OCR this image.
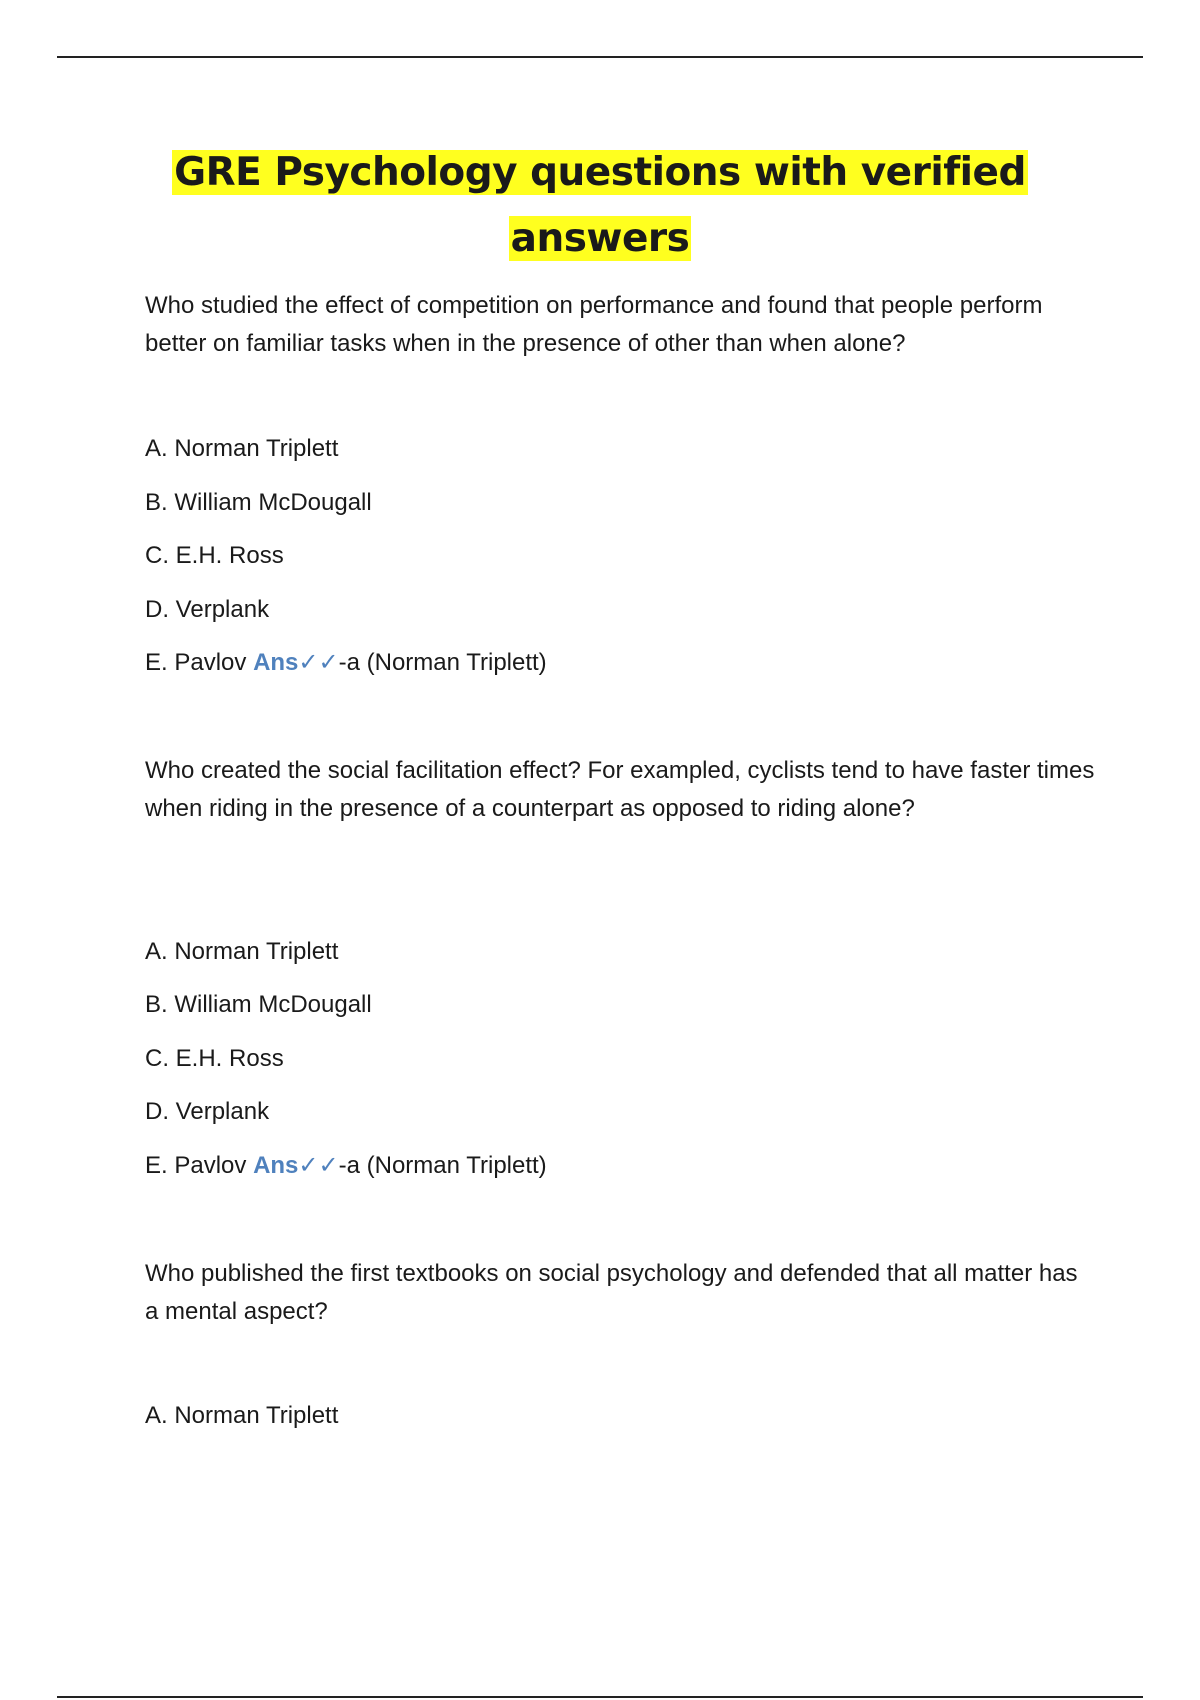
GRE Psychology questions with verified
answers

Who studied the effect of competition on performance and found that people perform better on familiar tasks when in the presence of other than when alone?

A. Norman Triplett

B. William McDougall

C. E.H. Ross

D. Verplank

E. Pavlov Ans✓✓-a (Norman Triplett)

Who created the social facilitation effect? For exampled, cyclists tend to have faster times when riding in the presence of a counterpart as opposed to riding alone?

A. Norman Triplett

B. William McDougall

C. E.H. Ross

D. Verplank

E. Pavlov Ans✓✓-a (Norman Triplett)

Who published the first textbooks on social psychology and defended that all matter has a mental aspect?

A. Norman Triplett
